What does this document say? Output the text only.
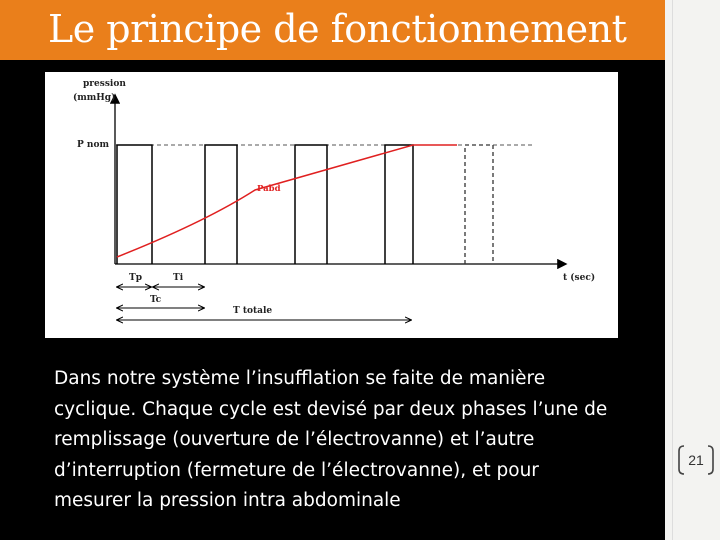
Le principe de fonctionnement
pression
(mmHg)
P nom
Pabd
t (sec)
Tp	Ti
Tc
T totale

Dans notre système l’insufflation se faite de manière cyclique. Chaque cycle est devisé par deux phases l’une de remplissage (ouverture de l’électrovanne) et l’autre d’interruption (fermeture de l’électrovanne), et pour mesurer la pression intra abdominale

21
